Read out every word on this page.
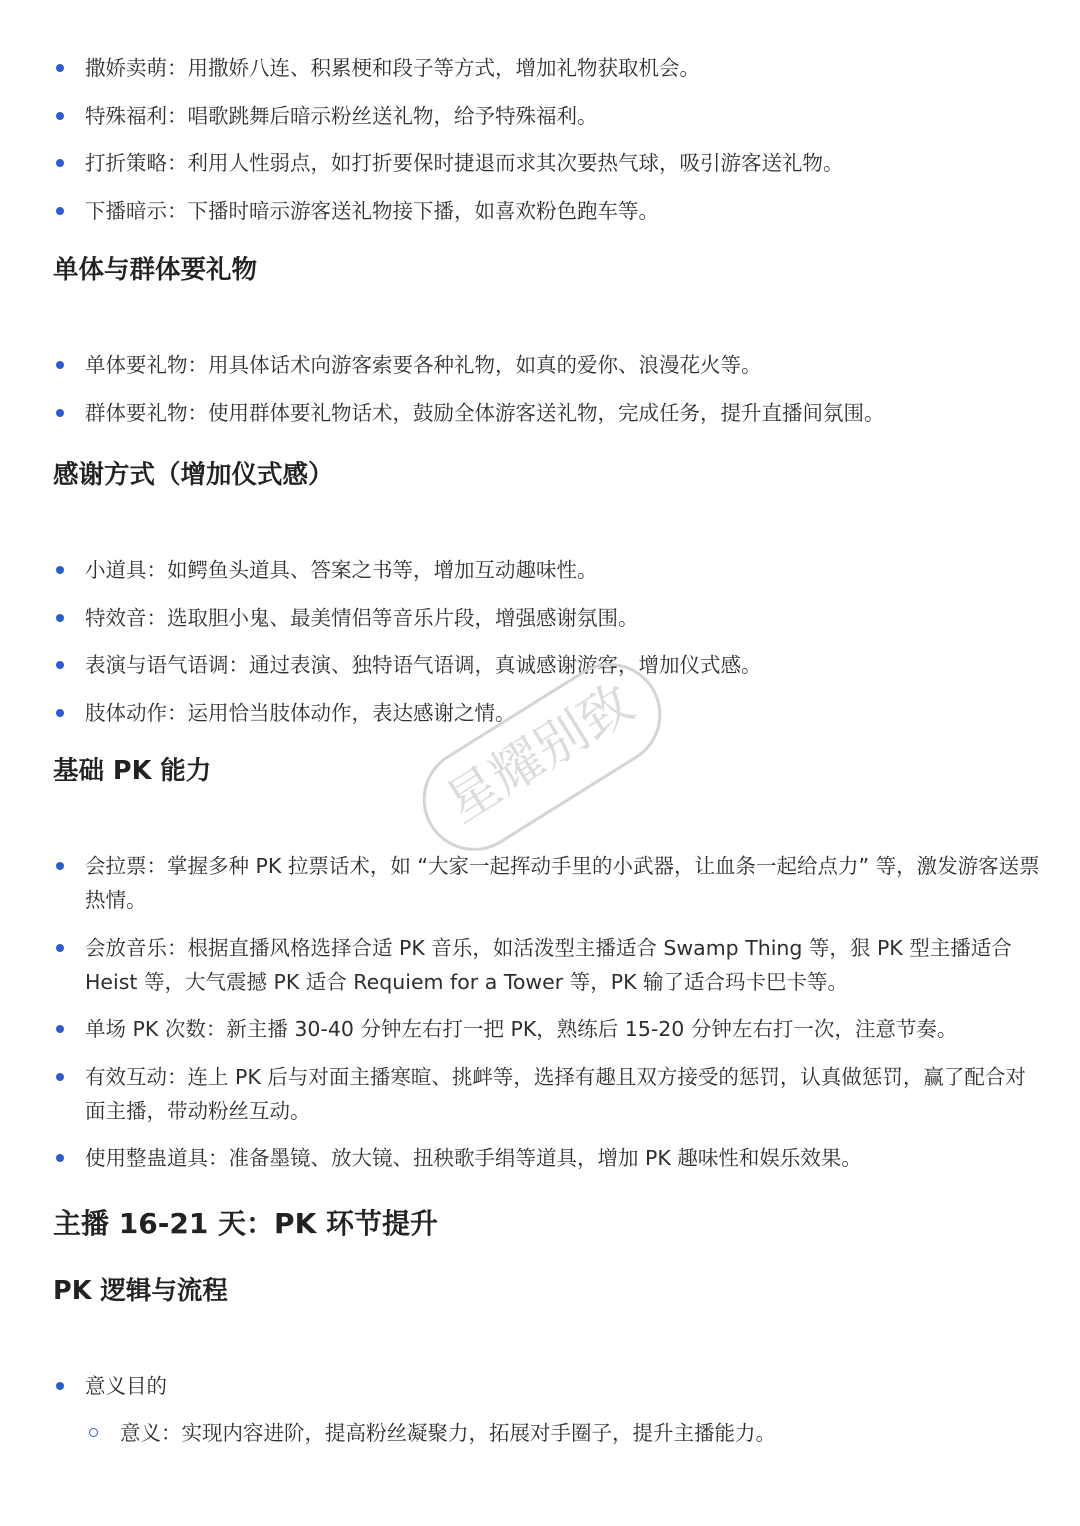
撒娇卖萌：用撒娇八连、积累梗和段子等方式，增加礼物获取机会。
特殊福利：唱歌跳舞后暗示粉丝送礼物，给予特殊福利。
打折策略：利用人性弱点，如打折要保时捷退而求其次要热气球，吸引游客送礼物。
下播暗示：下播时暗示游客送礼物接下播，如喜欢粉色跑车等。
单体与群体要礼物
单体要礼物：用具体话术向游客索要各种礼物，如真的爱你、浪漫花火等。
群体要礼物：使用群体要礼物话术，鼓励全体游客送礼物，完成任务，提升直播间氛围。
感谢方式（增加仪式感）
小道具：如鳄鱼头道具、答案之书等，增加互动趣味性。
特效音：选取胆小鬼、最美情侣等音乐片段，增强感谢氛围。
表演与语气语调：通过表演、独特语气语调，真诚感谢游客，增加仪式感。
肢体动作：运用恰当肢体动作，表达感谢之情。
基础 PK 能力
会拉票：掌握多种 PK 拉票话术，如 “大家一起挥动手里的小武器，让血条一起给点力” 等，激发游客送票热情。
会放音乐：根据直播风格选择合适 PK 音乐，如活泼型主播适合 Swamp Thing 等，狠 PK 型主播适合 Heist 等，大气震撼 PK 适合 Requiem for a Tower 等，PK 输了适合玛卡巴卡等。
单场 PK 次数：新主播 30-40 分钟左右打一把 PK，熟练后 15-20 分钟左右打一次，注意节奏。
有效互动：连上 PK 后与对面主播寒暄、挑衅等，选择有趣且双方接受的惩罚，认真做惩罚，赢了配合对面主播，带动粉丝互动。
使用整蛊道具：准备墨镜、放大镜、扭秧歌手绢等道具，增加 PK 趣味性和娱乐效果。
主播 16-21 天：PK 环节提升
PK 逻辑与流程
意义目的
意义：实现内容进阶，提高粉丝凝聚力，拓展对手圈子，提升主播能力。
星耀别致
